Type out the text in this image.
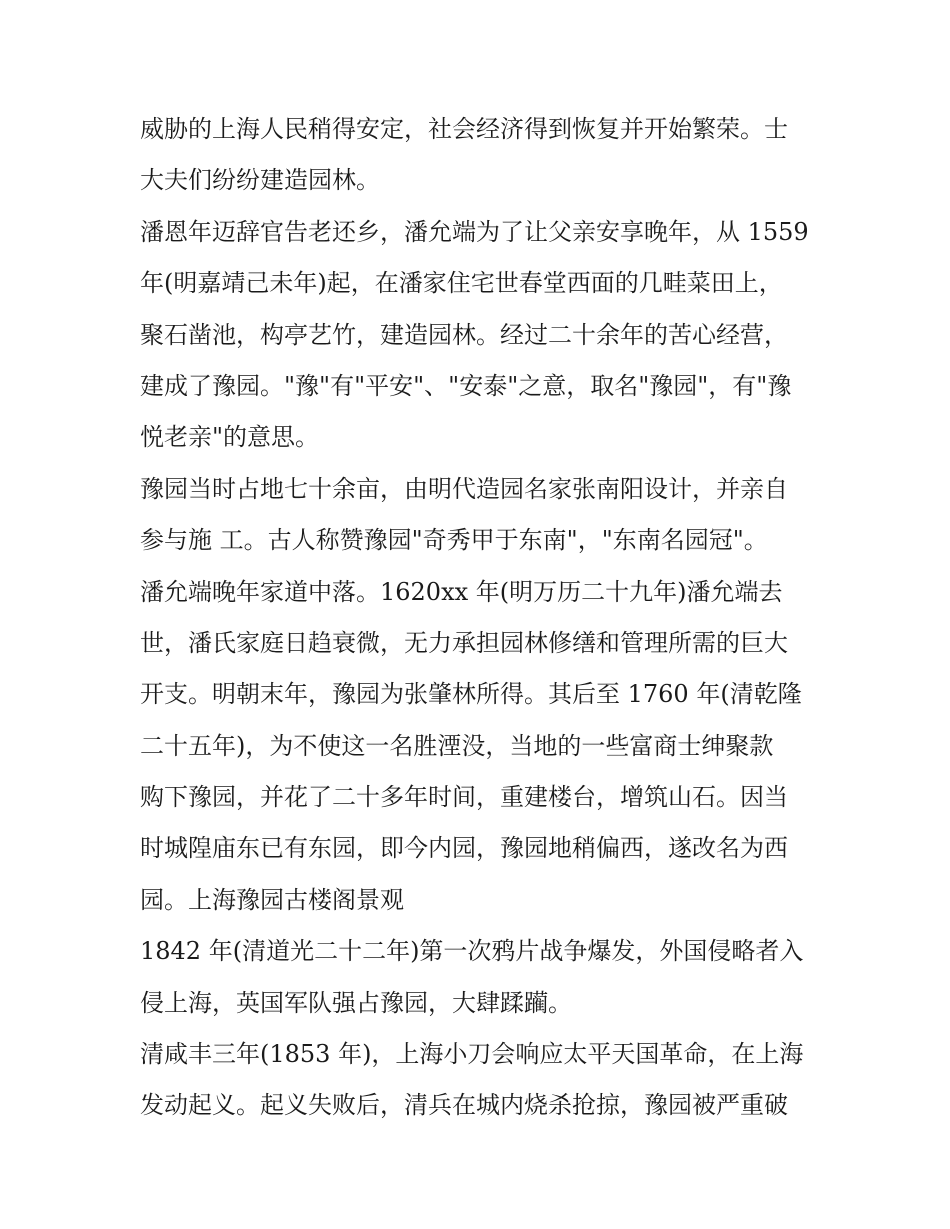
威胁的上海人民稍得安定，社会经济得到恢复并开始繁荣。士
大夫们纷纷建造园林。
潘恩年迈辞官告老还乡，潘允端为了让父亲安享晚年，从 1559
年(明嘉靖己未年)起，在潘家住宅世春堂西面的几畦菜田上，
聚石凿池，构亭艺竹，建造园林。经过二十余年的苦心经营，
建成了豫园。"豫"有"平安"、"安泰"之意，取名"豫园"，有"豫
悦老亲"的意思。
豫园当时占地七十余亩，由明代造园名家张南阳设计，并亲自
参与施 工。古人称赞豫园"奇秀甲于东南"，"东南名园冠"。
潘允端晚年家道中落。1620xx 年(明万历二十九年)潘允端去
世，潘氏家庭日趋衰微，无力承担园林修缮和管理所需的巨大
开支。明朝末年，豫园为张肇林所得。其后至 1760 年(清乾隆
二十五年)，为不使这一名胜湮没，当地的一些富商士绅聚款
购下豫园，并花了二十多年时间，重建楼台，增筑山石。因当
时城隍庙东已有东园，即今内园，豫园地稍偏西，遂改名为西
园。上海豫园古楼阁景观
1842 年(清道光二十二年)第一次鸦片战争爆发，外国侵略者入
侵上海，英国军队强占豫园，大肆蹂躏。
清咸丰三年(1853 年)，上海小刀会响应太平天国革命，在上海
发动起义。起义失败后，清兵在城内烧杀抢掠，豫园被严重破
